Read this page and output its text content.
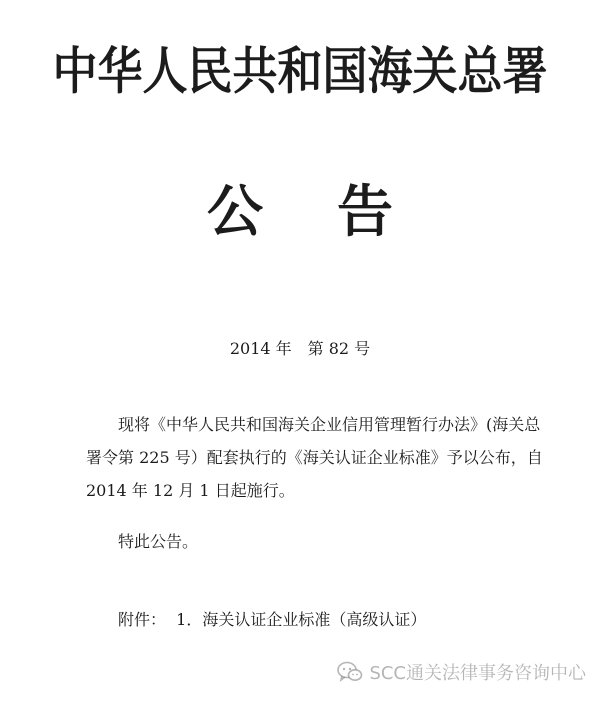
中华人民共和国海关总署
公告
2014 年　第 82 号

现将《中华人民共和国海关企业信用管理暂行办法》(海关总

署令第 225 号）配套执行的《海关认证企业标准》予以公布，自

2014 年 12 月 1 日起施行。

特此公告。

附件：  1．海关认证企业标准（高级认证）

SCC通关法律事务咨询中心
